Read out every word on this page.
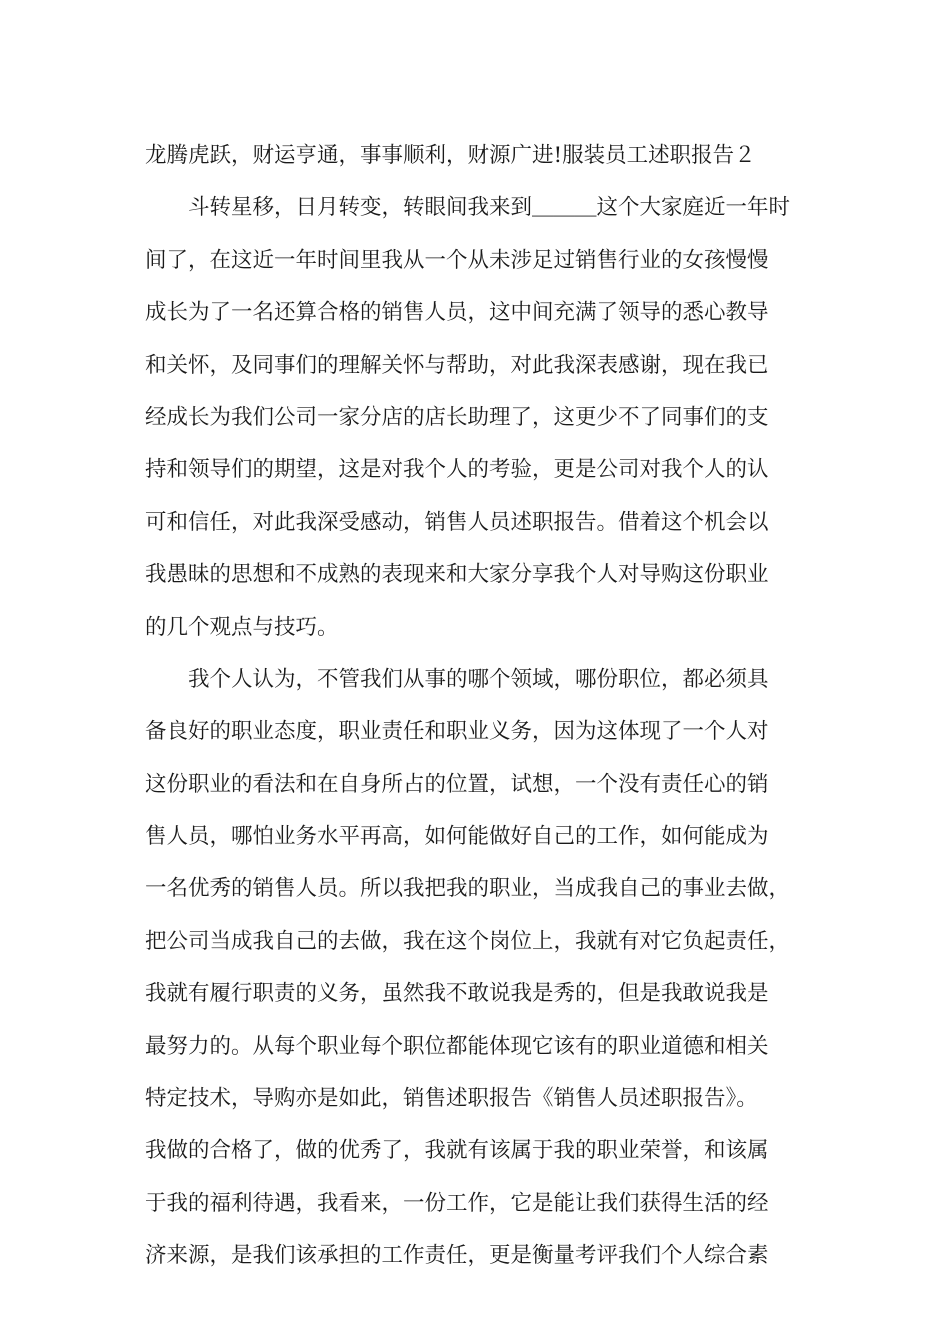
龙腾虎跃，财运亨通，事事顺利，财源广进!服装员工述职报告２
　　斗转星移，日月转变，转眼间我来到＿＿＿这个大家庭近一年时
间了，在这近一年时间里我从一个从未涉足过销售行业的女孩慢慢
成长为了一名还算合格的销售人员，这中间充满了领导的悉心教导
和关怀，及同事们的理解关怀与帮助，对此我深表感谢，现在我已
经成长为我们公司一家分店的店长助理了，这更少不了同事们的支
持和领导们的期望，这是对我个人的考验，更是公司对我个人的认
可和信任，对此我深受感动，销售人员述职报告。借着这个机会以
我愚昧的思想和不成熟的表现来和大家分享我个人对导购这份职业
的几个观点与技巧。
　　我个人认为，不管我们从事的哪个领域，哪份职位，都必须具
备良好的职业态度，职业责任和职业义务，因为这体现了一个人对
这份职业的看法和在自身所占的位置，试想，一个没有责任心的销
售人员，哪怕业务水平再高，如何能做好自己的工作，如何能成为
一名优秀的销售人员。所以我把我的职业，当成我自己的事业去做，
把公司当成我自己的去做，我在这个岗位上，我就有对它负起责任，
我就有履行职责的义务，虽然我不敢说我是秀的，但是我敢说我是
最努力的。从每个职业每个职位都能体现它该有的职业道德和相关
特定技术，导购亦是如此，销售述职报告《销售人员述职报告》。
我做的合格了，做的优秀了，我就有该属于我的职业荣誉，和该属
于我的福利待遇，我看来，一份工作，它是能让我们获得生活的经
济来源，是我们该承担的工作责任，更是衡量考评我们个人综合素
